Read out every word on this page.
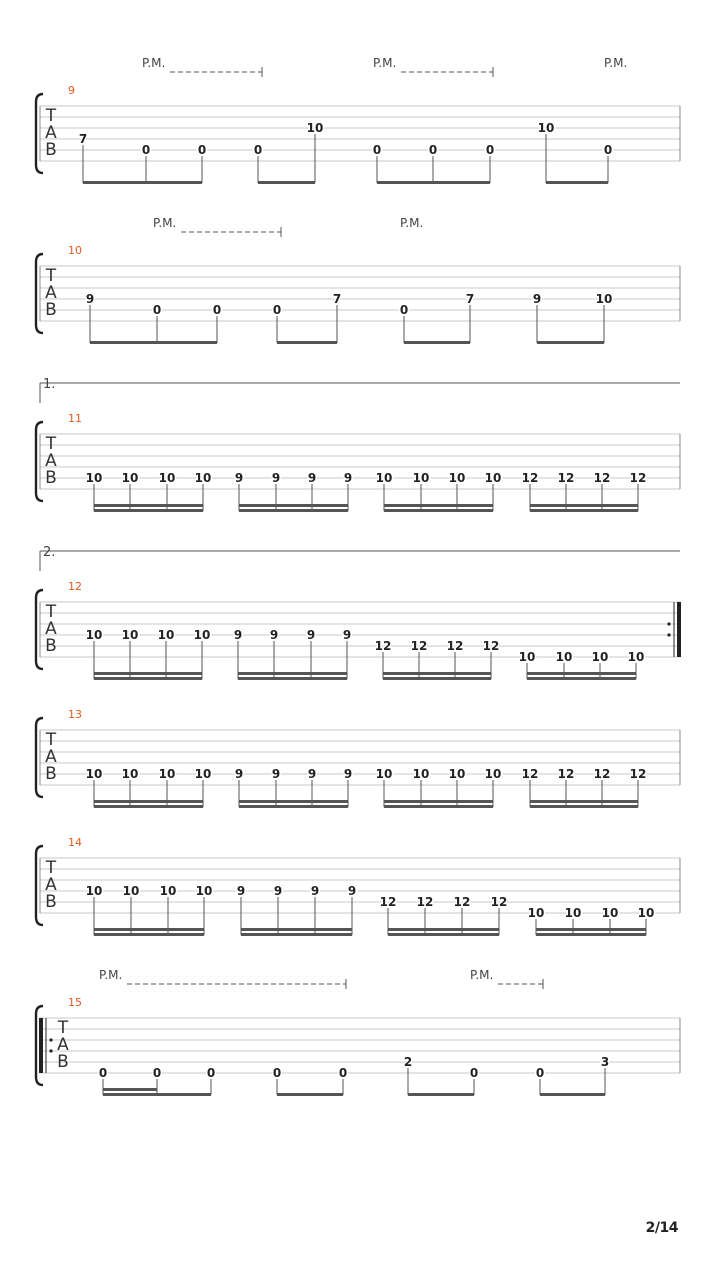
T
A
B
9
P.M.	P.M.	P.M.
7
0	0	0
10
0	0	0
10
0
T
A
B
10
P.M.	P.M.
9
0	0	0
7
0
7	9	10
T
A
B
11
1.
10 10 10 10 9 9 9 9 10 10 10 10 12 12 12 12
T
A
B
12
2.
10 10 10 10 9 9 9 9
12 12 12 12
10 10 10 10
T
A
B
13
10 10 10 10 9 9 9 9 10 10 10 10 12 12 12 12
T
A
B
14
10 10 10 10 9 9 9 9
12 12 12 12
10 10 10 10
T
A
B
15
P.M.	P.M.
0	0	0	0	0
2
0	0
3
2/14
